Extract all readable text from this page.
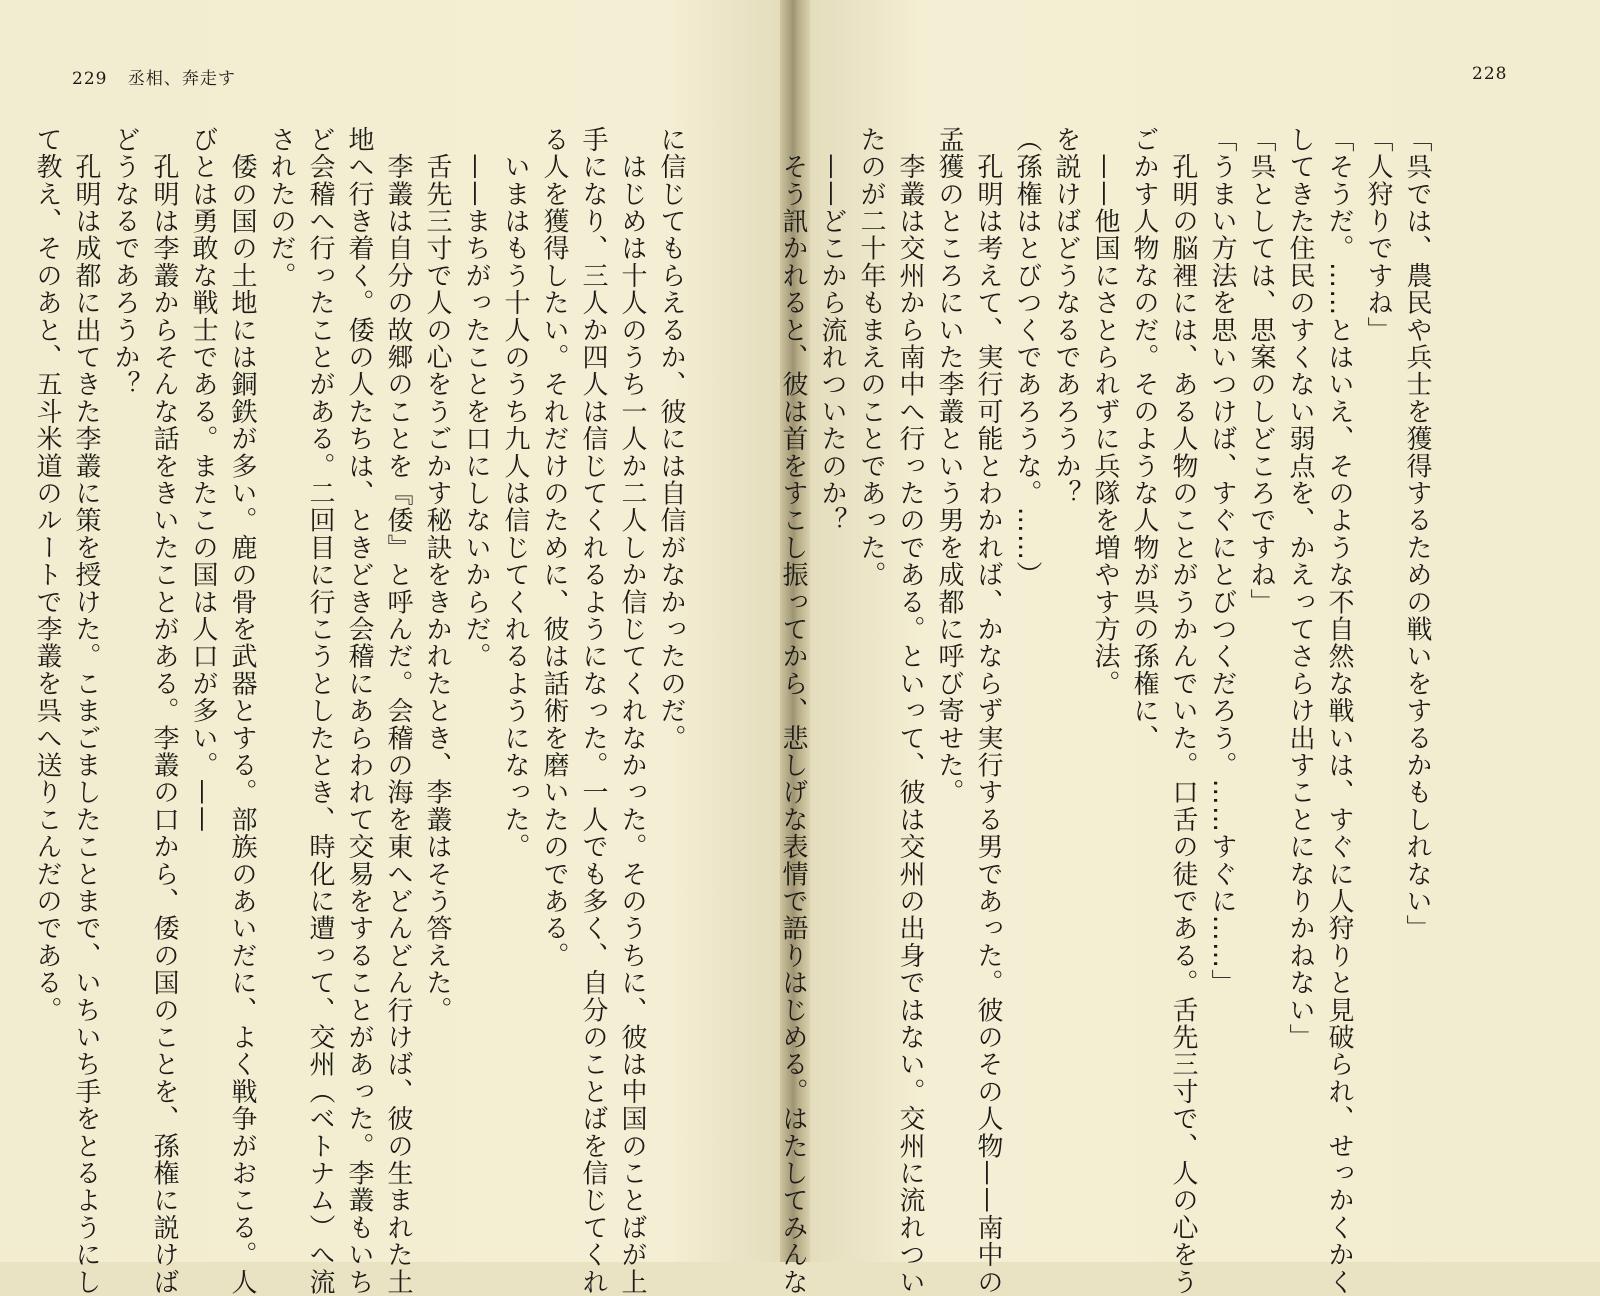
229 丞相、奔走す	228

「呉では、農民や兵士を獲得するための戦いをするかもしれない」

「人狩りですね」

「そうだ。……とはいえ、そのような不自然な戦いは、すぐに人狩りと見破られ、せっかくかく

してきた住民のすくない弱点を、かえってさらけ出すことになりかねない」

「呉としては、思案のしどころですね」

「うまい方法を思いつけば、すぐにとびつくだろう。……すぐに……」

　孔明の脳裡には、ある人物のことがうかんでいた。口舌の徒である。舌先三寸で、人の心をう

ごかす人物なのだ。そのような人物が呉の孫権に、

　——他国にさとられずに兵隊を増やす方法。

を説けばどうなるであろうか？

（孫権はとびつくであろうな。……）

　孔明は考えて、実行可能とわかれば、かならず実行する男であった。彼のその人物——南中の

孟獲のところにいた李叢という男を成都に呼び寄せた。

　李叢は交州から南中へ行ったのである。といって、彼は交州の出身ではない。交州に流れつい

たのが二十年もまえのことであった。

　——どこから流れついたのか？

　そう訊かれると、彼は首をすこし振ってから、悲しげな表情で語りはじめる。はたしてみんな

に信じてもらえるか、彼には自信がなかったのだ。

　はじめは十人のうち一人か二人しか信じてくれなかった。そのうちに、彼は中国のことばが上

手になり、三人か四人は信じてくれるようになった。一人でも多く、自分のことばを信じてくれ

る人を獲得したい。それだけのために、彼は話術を磨いたのである。

　いまはもう十人のうち九人は信じてくれるようになった。

　——まちがったことを口にしないからだ。

　舌先三寸で人の心をうごかす秘訣をきかれたとき、李叢はそう答えた。

　李叢は自分の故郷のことを『倭』と呼んだ。会稽の海を東へどんどん行けば、彼の生まれた土

地へ行き着く。倭の人たちは、ときどき会稽にあらわれて交易をすることがあった。李叢もいち

ど会稽へ行ったことがある。二回目に行こうとしたとき、時化に遭って、交州（ベトナム）へ流

されたのだ。

　倭の国の土地には銅鉄が多い。鹿の骨を武器とする。部族のあいだに、よく戦争がおこる。人

びとは勇敢な戦士である。またこの国は人口が多い。——

　孔明は李叢からそんな話をきいたことがある。李叢の口から、倭の国のことを、孫権に説けば

どうなるであろうか？

　孔明は成都に出てきた李叢に策を授けた。こまごましたことまで、いちいち手をとるようにし

て教え、そのあと、五斗米道のルートで李叢を呉へ送りこんだのである。
